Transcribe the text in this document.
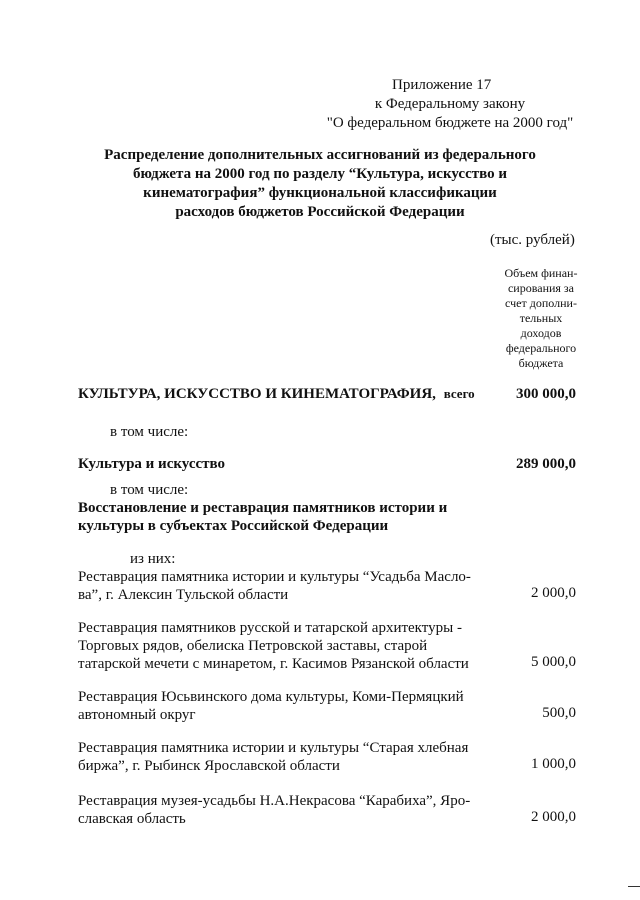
Приложение 17
к Федеральному закону
"О федеральном бюджете на 2000 год"
Распределение дополнительных ассигнований из федерального
бюджета на 2000 год по разделу “Культура, искусство и
кинематография” функциональной классификации
расходов бюджетов Российской Федерации
(тыс. рублей)
Объем финан-
сирования за
счет дополни-
тельных
доходов
федерального
бюджета
КУЛЬТУРА, ИСКУССТВО И КИНЕМАТОГРАФИЯ, всего	300 000,0
в том числе:
Культура и искусство	289 000,0
в том числе:
Восстановление и реставрация памятников истории и
культуры в субъектах Российской Федерации
из них:
Реставрация памятника истории и культуры “Усадьба Маслo-
ва”, г. Алексин Тульской области	2 000,0
Реставрация памятников русской и татарской архитектуры -
Торговых рядов, обелиска Петровской заставы, старой
татарской мечети с минаретом, г. Касимов Рязанской области	5 000,0
Реставрация Юсьвинского дома культуры, Коми-Пермяцкий
автономный округ	500,0
Реставрация памятника истории и культуры “Старая хлебная
биржа”, г. Рыбинск Ярославской области	1 000,0
Реставрация музея-усадьбы Н.А.Некрасова “Карабиха”, Яро-
славская область	2 000,0
